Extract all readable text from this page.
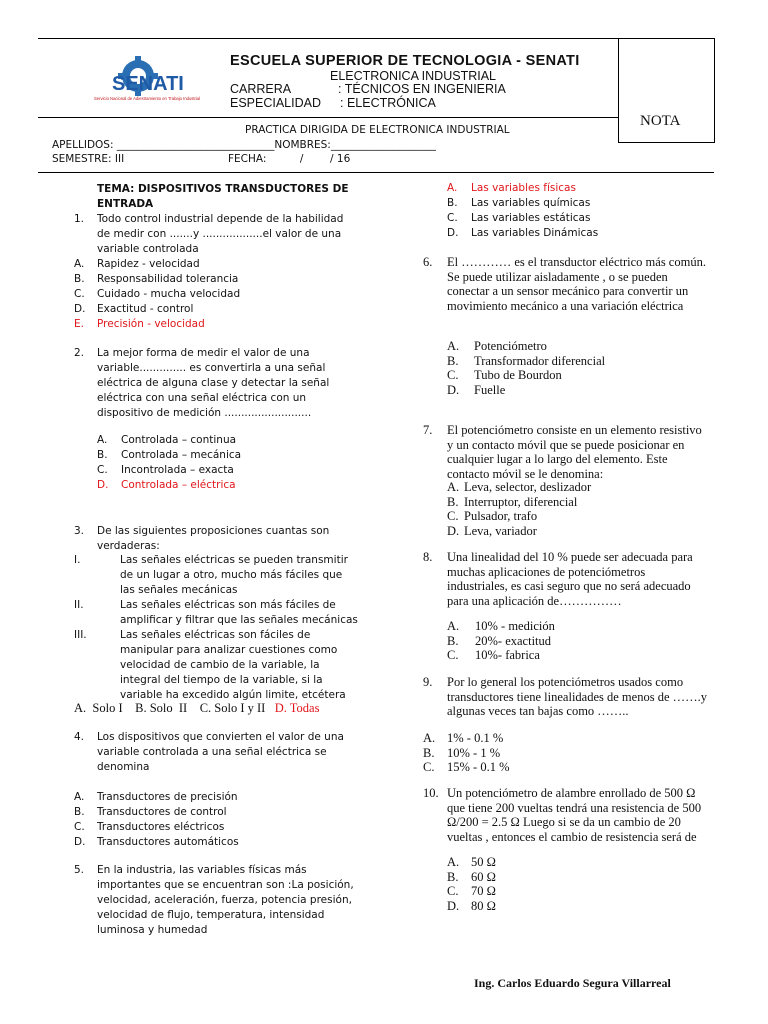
SENATI
Servicio Nacional de Adiestramiento en Trabajo Industrial
ESCUELA SUPERIOR DE TECNOLOGIA - SENATI
ELECTRONICA INDUSTRIAL
CARRERA	: TÉCNICOS EN INGENIERIA
ESPECIALIDAD : ELECTRÓNICA
NOTA
PRACTICA DIRIGIDA DE ELECTRONICA INDUSTRIAL
APELLIDOS: ______________________________NOMBRES:____________________
SEMESTRE: III	FECHA:          /        / 16
TEMA: DISPOSITIVOS TRANSDUCTORES DE ENTRADA
1. Todo control industrial depende de la habilidad de medir con .......y ..................el valor de una variable controlada
A. Rapidez - velocidad
B. Responsabilidad tolerancia
C. Cuidado - mucha velocidad
D. Exactitud - control
E. Precisión - velocidad
2. La mejor forma de medir el valor de una variable.............. es convertirla a una señal eléctrica de alguna clase y detectar la señal eléctrica con una señal eléctrica con un dispositivo de medición ..........................
A. Controlada – continua
B. Controlada – mecánica
C. Incontrolada – exacta
D. Controlada – eléctrica
3. De las siguientes proposiciones cuantas son verdaderas:
I.	Las señales eléctricas se pueden transmitir de un lugar a otro, mucho más fáciles que las señales mecánicas
II.	Las señales eléctricas son más fáciles de amplificar y filtrar que las señales mecánicas
III.	Las señales eléctricas son fáciles de manipular para analizar cuestiones como velocidad de cambio de la variable, la integral del tiempo de la variable, si la variable ha excedido algún limite, etcétera
A.  Solo I    B. Solo  II    C. Solo I y II D. Todas
4. Los dispositivos que convierten el valor de una variable controlada a una señal eléctrica se denomina
A. Transductores de precisión
B. Transductores de control
C. Transductores eléctricos
D. Transductores automáticos
5. En la industria, las variables físicas más importantes que se encuentran son :La posición, velocidad, aceleración, fuerza, potencia presión, velocidad de flujo, temperatura, intensidad luminosa y humedad
A. Las variables físicas
B. Las variables químicas
C. Las variables estáticas
D. Las variables Dinámicas
6. El ………… es el transductor eléctrico más común. Se puede utilizar aisladamente , o se pueden conectar a un sensor mecánico para convertir un movimiento mecánico a una variación eléctrica
A. Potenciómetro
B. Transformador diferencial
C. Tubo de Bourdon
D. Fuelle
7. El potenciómetro consiste en un elemento resistivo y un contacto móvil que se puede posicionar en cualquier lugar a lo largo del elemento. Este contacto móvil se le denomina:
A. Leva, selector, deslizador
B. Interruptor, diferencial
C. Pulsador, trafo
D. Leva, variador
8. Una linealidad del 10 % puede ser adecuada para muchas aplicaciones de potenciómetros industriales, es casi seguro que no será adecuado para una aplicación de……………
A. 10% - medición
B. 20%- exactitud
C. 10%- fabrica
9. Por lo general los potenciómetros usados como transductores tiene linealidades de menos de …….y algunas veces tan bajas como ……..
A. 1% - 0.1 %
B. 10% - 1 %
C. 15% - 0.1 %
10. Un potenciómetro de alambre enrollado de 500 Ω que tiene 200 vueltas tendrá una resistencia de 500 Ω/200 = 2.5 Ω Luego si se da un cambio de 20 vueltas , entonces el cambio de resistencia será de
A. 50 Ω
B. 60 Ω
C. 70 Ω
D. 80 Ω
Ing. Carlos Eduardo Segura Villarreal
